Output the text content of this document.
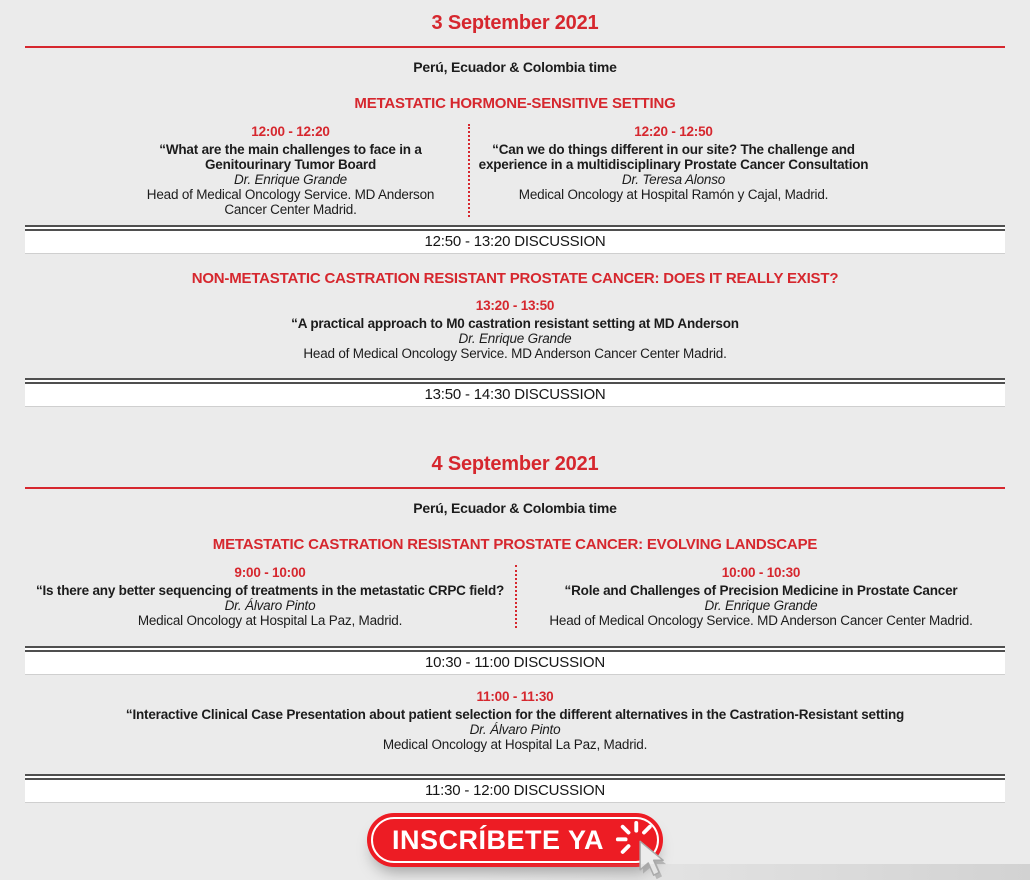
3 September 2021
Perú, Ecuador & Colombia time
METASTATIC HORMONE-SENSITIVE SETTING
12:00 - 12:20
“What are the main challenges to face in a
Genitourinary Tumor Board
Dr. Enrique Grande
Head of Medical Oncology Service. MD Anderson
Cancer Center Madrid.
12:20 - 12:50
“Can we do things different in our site? The challenge and
experience in a multidisciplinary Prostate Cancer Consultation
Dr. Teresa Alonso
Medical Oncology at Hospital Ramón y Cajal, Madrid.
12:50 - 13:20 DISCUSSION
NON-METASTATIC CASTRATION RESISTANT PROSTATE CANCER: DOES IT REALLY EXIST?
13:20 - 13:50
“A practical approach to M0 castration resistant setting at MD Anderson
Dr. Enrique Grande
Head of Medical Oncology Service. MD Anderson Cancer Center Madrid.
13:50 - 14:30 DISCUSSION
4 September 2021
Perú, Ecuador & Colombia time
METASTATIC CASTRATION RESISTANT PROSTATE CANCER: EVOLVING LANDSCAPE
9:00 - 10:00
“Is there any better sequencing of treatments in the metastatic CRPC field?
Dr. Álvaro Pinto
Medical Oncology at Hospital La Paz, Madrid.
10:00 - 10:30
“Role and Challenges of Precision Medicine in Prostate Cancer
Dr. Enrique Grande
Head of Medical Oncology Service. MD Anderson Cancer Center Madrid.
10:30 - 11:00 DISCUSSION
11:00 - 11:30
“Interactive Clinical Case Presentation about patient selection for the different alternatives in the Castration-Resistant setting
Dr. Álvaro Pinto
Medical Oncology at Hospital La Paz, Madrid.
11:30 - 12:00 DISCUSSION
INSCRÍBETE YA
